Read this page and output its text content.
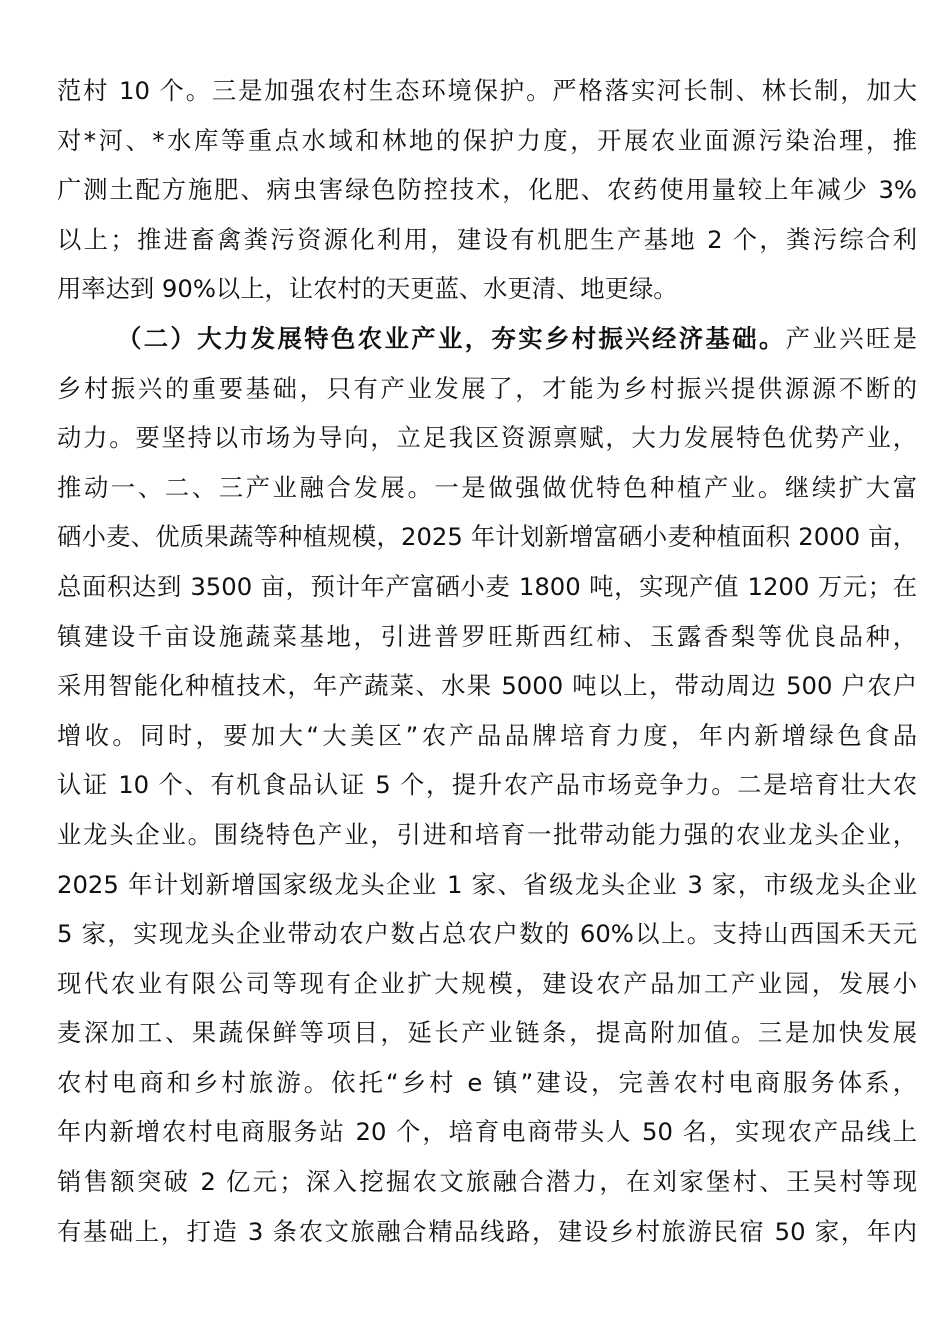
范村 10 个。三是加强农村生态环境保护。严格落实河长制、林长制，加大
对*河、*水库等重点水域和林地的保护力度，开展农业面源污染治理，推
广测土配方施肥、病虫害绿色防控技术，化肥、农药使用量较上年减少 3%
以上；推进畜禽粪污资源化利用，建设有机肥生产基地 2 个，粪污综合利
用率达到 90%以上，让农村的天更蓝、水更清、地更绿。
（二）大力发展特色农业产业，夯实乡村振兴经济基础。产业兴旺是
乡村振兴的重要基础，只有产业发展了，才能为乡村振兴提供源源不断的
动力。要坚持以市场为导向，立足我区资源禀赋，大力发展特色优势产业，
推动一、二、三产业融合发展。一是做强做优特色种植产业。继续扩大富
硒小麦、优质果蔬等种植规模，2025 年计划新增富硒小麦种植面积 2000 亩，
总面积达到 3500 亩，预计年产富硒小麦 1800 吨，实现产值 1200 万元；在
镇建设千亩设施蔬菜基地，引进普罗旺斯西红柿、玉露香梨等优良品种，
采用智能化种植技术，年产蔬菜、水果 5000 吨以上，带动周边 500 户农户
增收。同时，要加大“大美区”农产品品牌培育力度，年内新增绿色食品
认证 10 个、有机食品认证 5 个，提升农产品市场竞争力。二是培育壮大农
业龙头企业。围绕特色产业，引进和培育一批带动能力强的农业龙头企业，
2025 年计划新增国家级龙头企业 1 家、省级龙头企业 3 家，市级龙头企业
5 家，实现龙头企业带动农户数占总农户数的 60%以上。支持山西国禾天元
现代农业有限公司等现有企业扩大规模，建设农产品加工产业园，发展小
麦深加工、果蔬保鲜等项目，延长产业链条，提高附加值。三是加快发展
农村电商和乡村旅游。依托“乡村 e 镇”建设，完善农村电商服务体系，
年内新增农村电商服务站 20 个，培育电商带头人 50 名，实现农产品线上
销售额突破 2 亿元；深入挖掘农文旅融合潜力，在刘家堡村、王吴村等现
有基础上，打造 3 条农文旅融合精品线路，建设乡村旅游民宿 50 家，年内
